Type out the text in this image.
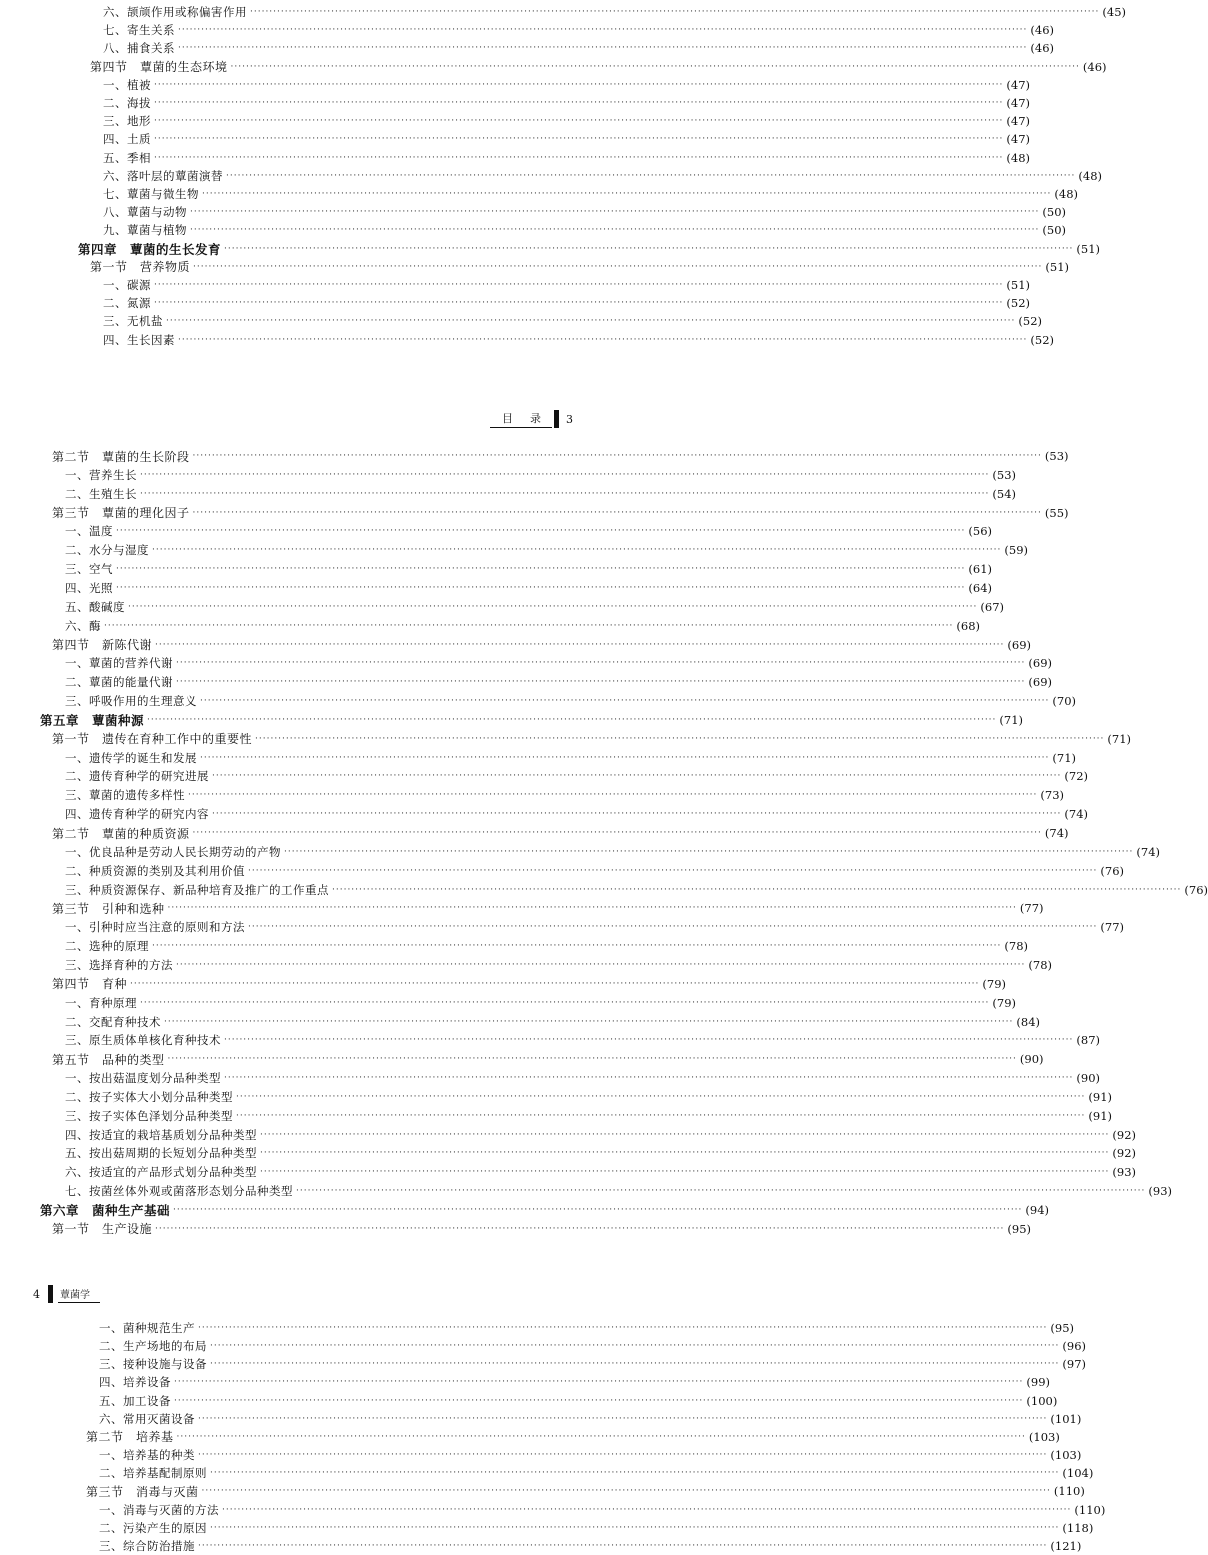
六、颉颃作用或称偏害作用 ···························································································································································································································· (45)
七、寄生关系 ···························································································································································································································· (46)
八、捕食关系 ···························································································································································································································· (46)
第四节　蕈菌的生态环境 ···························································································································································································································· (46)
一、植被 ···························································································································································································································· (47)
二、海拔 ···························································································································································································································· (47)
三、地形 ···························································································································································································································· (47)
四、土质 ···························································································································································································································· (47)
五、季相 ···························································································································································································································· (48)
六、落叶层的蕈菌演替 ···························································································································································································································· (48)
七、蕈菌与微生物 ···························································································································································································································· (48)
八、蕈菌与动物 ···························································································································································································································· (50)
九、蕈菌与植物 ···························································································································································································································· (50)
第四章　蕈菌的生长发育 ···························································································································································································································· (51)
第一节　营养物质 ···························································································································································································································· (51)
一、碳源 ···························································································································································································································· (51)
二、氮源 ···························································································································································································································· (52)
三、无机盐 ···························································································································································································································· (52)
四、生长因素 ···························································································································································································································· (52)
目　录	3
第二节　蕈菌的生长阶段 ···························································································································································································································· (53)
一、营养生长 ···························································································································································································································· (53)
二、生殖生长 ···························································································································································································································· (54)
第三节　蕈菌的理化因子 ···························································································································································································································· (55)
一、温度 ···························································································································································································································· (56)
二、水分与湿度 ···························································································································································································································· (59)
三、空气 ···························································································································································································································· (61)
四、光照 ···························································································································································································································· (64)
五、酸碱度 ···························································································································································································································· (67)
六、酶 ···························································································································································································································· (68)
第四节　新陈代谢 ···························································································································································································································· (69)
一、蕈菌的营养代谢 ···························································································································································································································· (69)
二、蕈菌的能量代谢 ···························································································································································································································· (69)
三、呼吸作用的生理意义 ···························································································································································································································· (70)
第五章　蕈菌种源 ···························································································································································································································· (71)
第一节　遗传在育种工作中的重要性 ···························································································································································································································· (71)
一、遗传学的诞生和发展 ···························································································································································································································· (71)
二、遗传育种学的研究进展 ···························································································································································································································· (72)
三、蕈菌的遗传多样性 ···························································································································································································································· (73)
四、遗传育种学的研究内容 ···························································································································································································································· (74)
第二节　蕈菌的种质资源 ···························································································································································································································· (74)
一、优良品种是劳动人民长期劳动的产物 ···························································································································································································································· (74)
二、种质资源的类别及其利用价值 ···························································································································································································································· (76)
三、种质资源保存、新品种培育及推广的工作重点 ···························································································································································································································· (76)
第三节　引种和选种 ···························································································································································································································· (77)
一、引种时应当注意的原则和方法 ···························································································································································································································· (77)
二、选种的原理 ···························································································································································································································· (78)
三、选择育种的方法 ···························································································································································································································· (78)
第四节　育种 ···························································································································································································································· (79)
一、育种原理 ···························································································································································································································· (79)
二、交配育种技术 ···························································································································································································································· (84)
三、原生质体单核化育种技术 ···························································································································································································································· (87)
第五节　品种的类型 ···························································································································································································································· (90)
一、按出菇温度划分品种类型 ···························································································································································································································· (90)
二、按子实体大小划分品种类型 ···························································································································································································································· (91)
三、按子实体色泽划分品种类型 ···························································································································································································································· (91)
四、按适宜的栽培基质划分品种类型 ···························································································································································································································· (92)
五、按出菇周期的长短划分品种类型 ···························································································································································································································· (92)
六、按适宜的产品形式划分品种类型 ···························································································································································································································· (93)
七、按菌丝体外观或菌落形态划分品种类型 ···························································································································································································································· (93)
第六章　菌种生产基础 ···························································································································································································································· (94)
第一节　生产设施 ···························································································································································································································· (95)
4 蕈菌学
一、菌种规范生产 ···························································································································································································································· (95)
二、生产场地的布局 ···························································································································································································································· (96)
三、接种设施与设备 ···························································································································································································································· (97)
四、培养设备 ···························································································································································································································· (99)
五、加工设备 ···························································································································································································································· (100)
六、常用灭菌设备 ···························································································································································································································· (101)
第二节　培养基 ···························································································································································································································· (103)
一、培养基的种类 ···························································································································································································································· (103)
二、培养基配制原则 ···························································································································································································································· (104)
第三节　消毒与灭菌 ···························································································································································································································· (110)
一、消毒与灭菌的方法 ···························································································································································································································· (110)
二、污染产生的原因 ···························································································································································································································· (118)
三、综合防治措施 ···························································································································································································································· (121)
